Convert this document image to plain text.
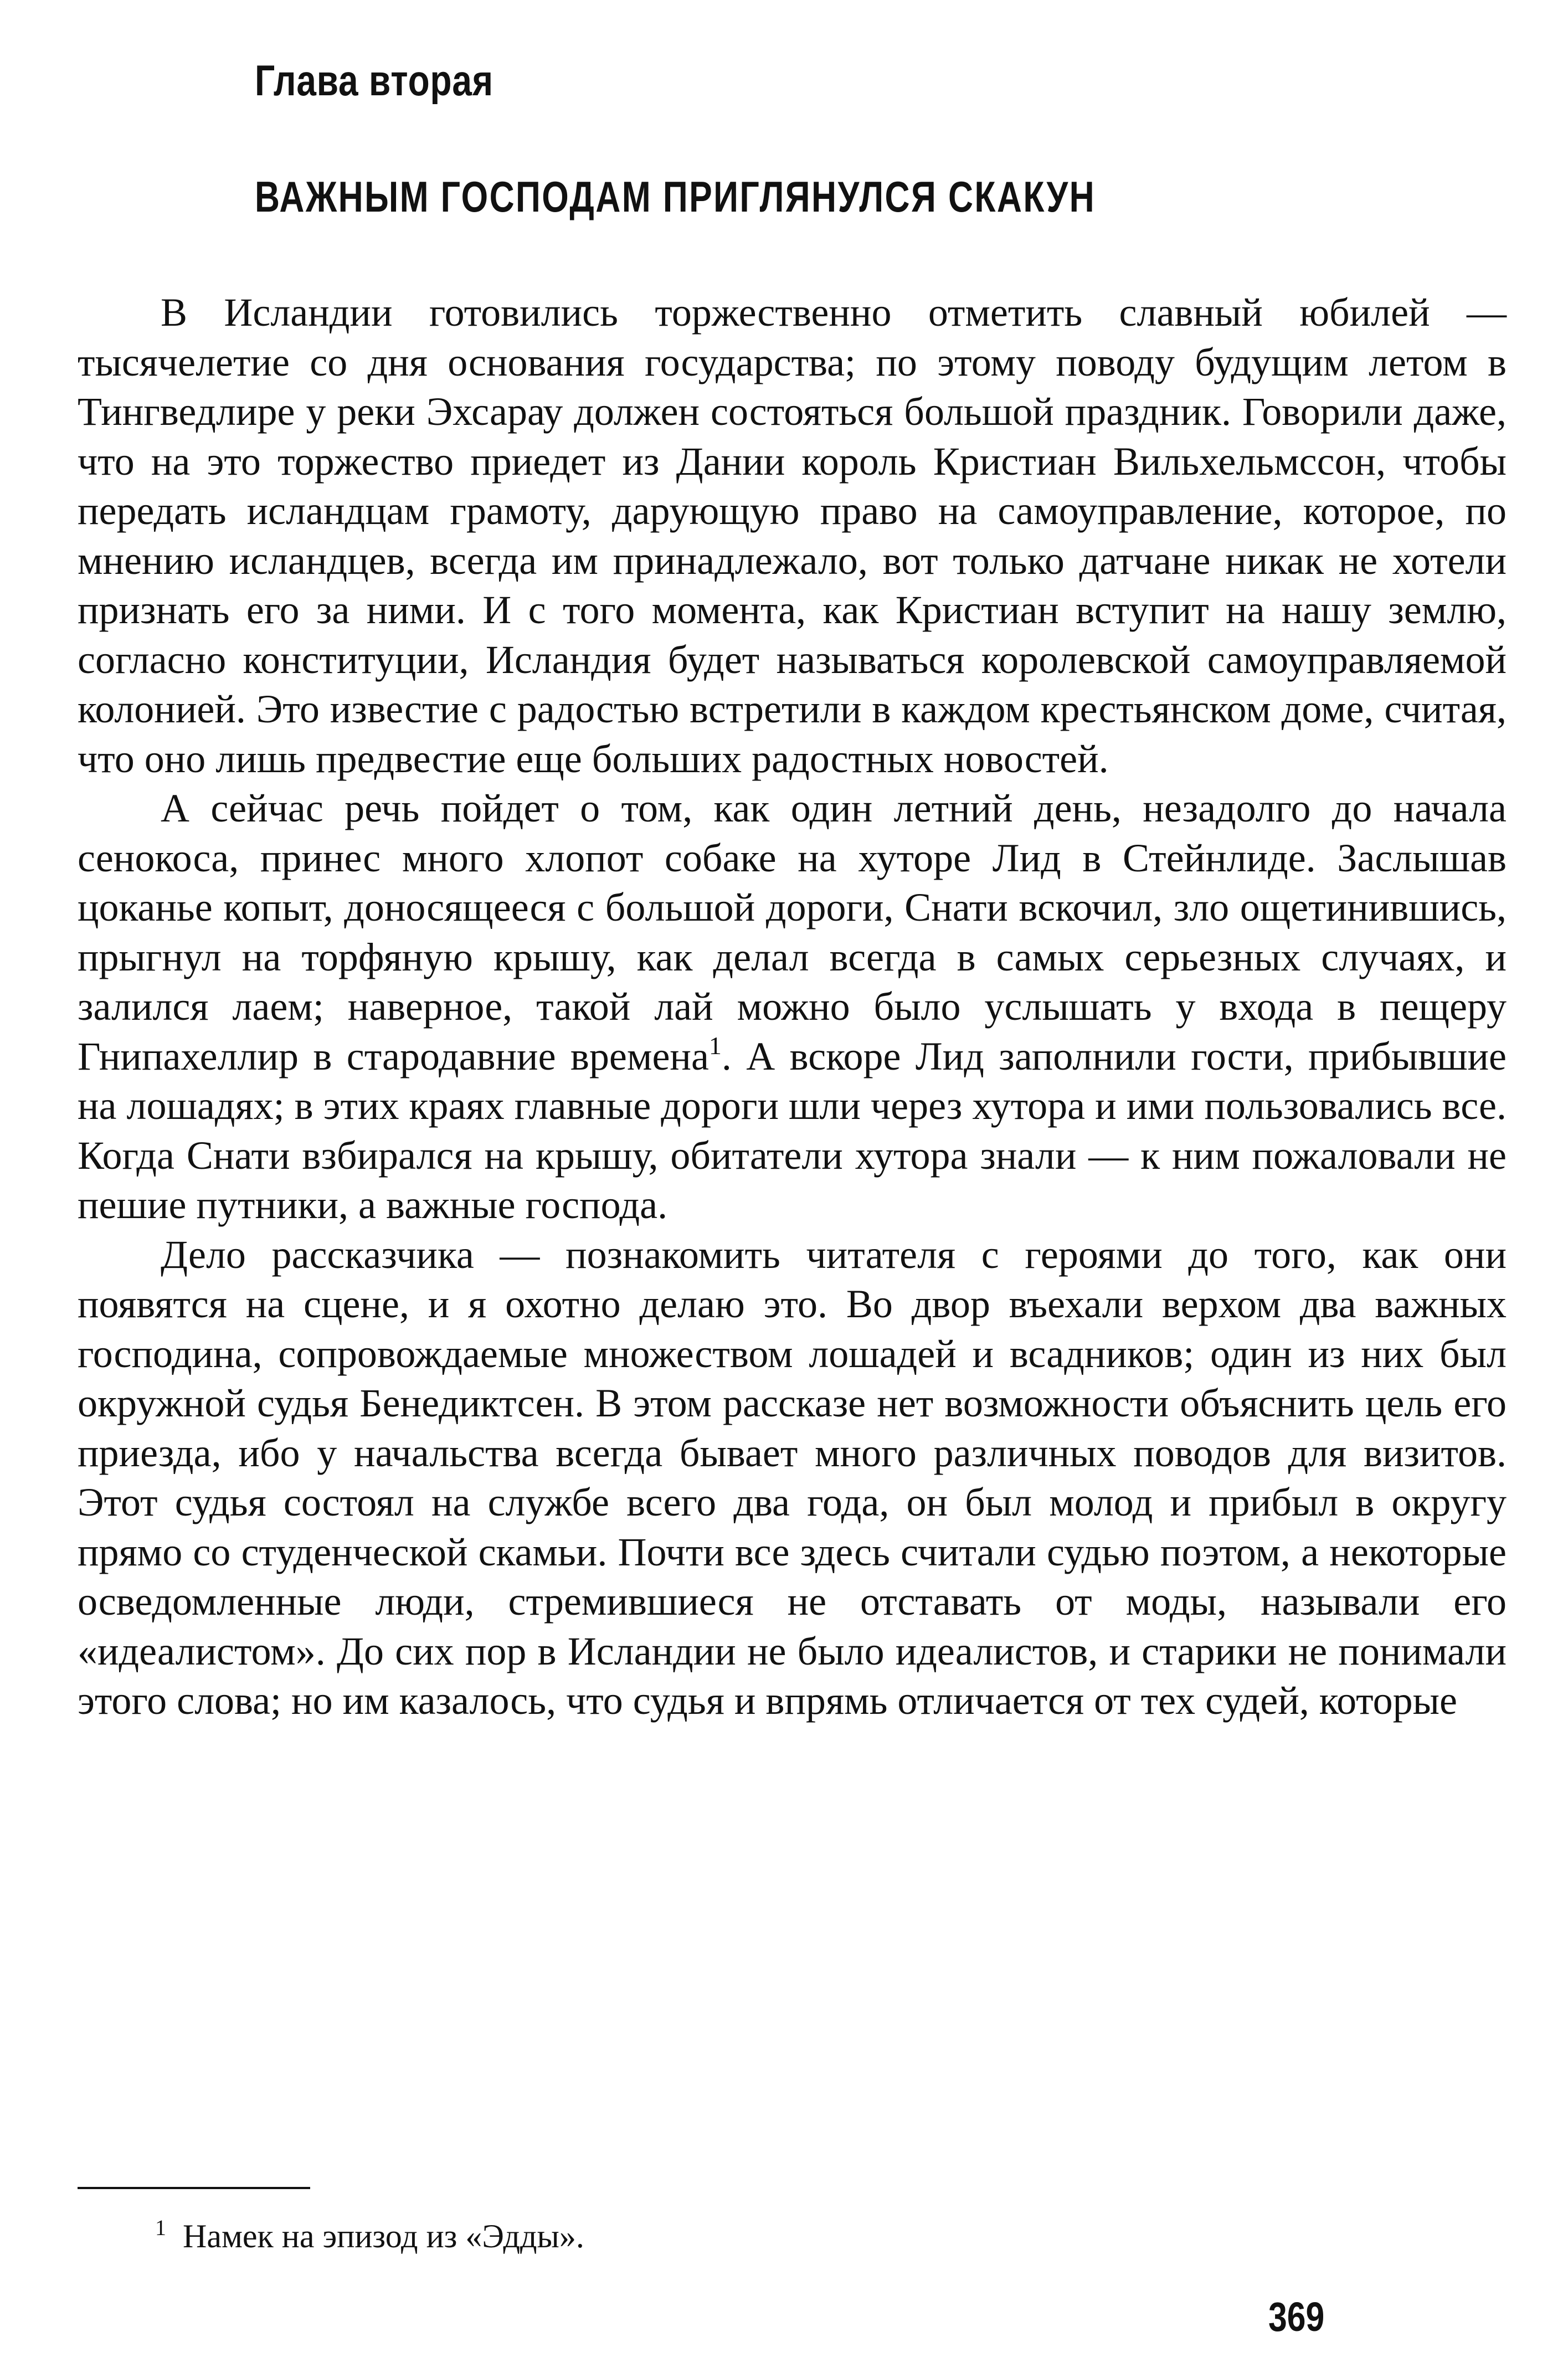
Глава вторая
ВАЖНЫМ ГОСПОДАМ ПРИГЛЯНУЛСЯ СКАКУН

В Исландии готовились торжественно отметить славный юбилей — тысячелетие со дня основания государства; по этому поводу будущим летом в Тингведлире у реки Эхсарау должен состояться большой праздник. Говорили даже, что на это торжество приедет из Дании король Кристиан Вильхельмссон, чтобы передать исландцам грамоту, дарующую право на самоуправление, которое, по мнению исландцев, всегда им принадлежало, вот только датчане никак не хотели признать его за ними. И с того момента, как Кристиан вступит на нашу землю, согласно конституции, Исландия будет называться королевской самоуправляемой колонией. Это известие с радостью встретили в каждом крестьянском доме, считая, что оно лишь предвестие еще больших радостных новостей.

А сейчас речь пойдет о том, как один летний день, незадолго до начала сенокоса, принес много хлопот собаке на хуторе Лид в Стейнлиде. Заслышав цоканье копыт, доносящееся с большой дороги, Снати вскочил, зло ощетинившись, прыгнул на торфяную крышу, как делал всегда в самых серьезных случаях, и залился лаем; наверное, такой лай можно было услышать у входа в пещеру Гнипахеллир в стародавние времена$^1$. А вскоре Лид заполнили гости, прибывшие на лошадях; в этих краях главные дороги шли через хутора и ими пользовались все. Когда Снати взбирался на крышу, обитатели хутора знали — к ним пожаловали не пешие путники, а важные господа.

Дело рассказчика — познакомить читателя с героями до того, как они появятся на сцене, и я охотно делаю это. Во двор въехали верхом два важных господина, сопровождаемые множеством лошадей и всадников; один из них был окружной судья Бенедиктсен. В этом рассказе нет возможности объяснить цель его приезда, ибо у начальства всегда бывает много различных поводов для визитов. Этот судья состоял на службе всего два года, он был молод и прибыл в округу прямо со студенческой скамьи. Почти все здесь считали судью поэтом, а некоторые осведомленные люди, стремившиеся не отставать от моды, называли его «идеалистом». До сих пор в Исландии не было идеалистов, и старики не понимали этого слова; но им казалось, что судья и впрямь отличается от тех судей, которые

$^1$ Намек на эпизод из «Эдды».
369
